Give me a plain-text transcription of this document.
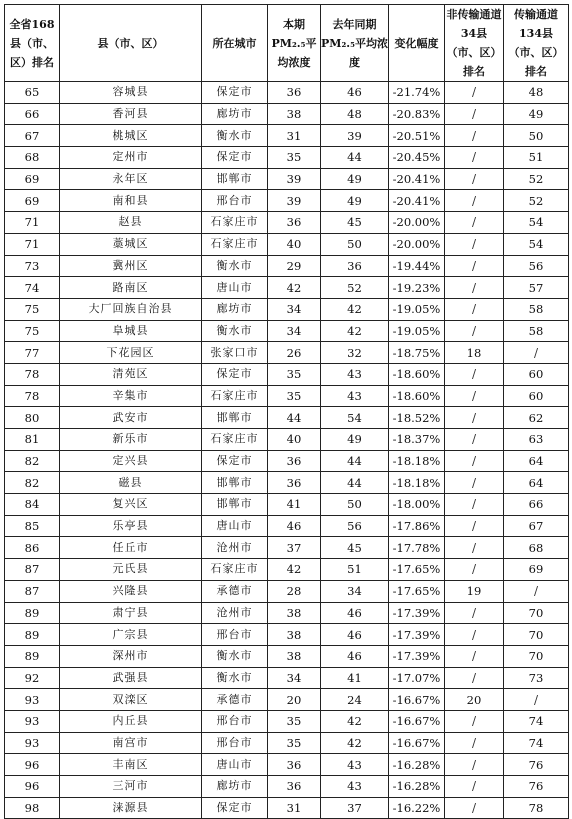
全省168县（市、区）排名	县（市、区）	所在城市	本期PM₂.₅平均浓度	去年同期PM₂.₅平均浓度	变化幅度	非传输通道34县（市、区）排名	传输通道134县（市、区）排名
65	容城县	保定市	36	46	-21.74%	/	48
66	香河县	廊坊市	38	48	-20.83%	/	49
67	桃城区	衡水市	31	39	-20.51%	/	50
68	定州市	保定市	35	44	-20.45%	/	51
69	永年区	邯郸市	39	49	-20.41%	/	52
69	南和县	邢台市	39	49	-20.41%	/	52
71	赵县	石家庄市	36	45	-20.00%	/	54
71	藁城区	石家庄市	40	50	-20.00%	/	54
73	冀州区	衡水市	29	36	-19.44%	/	56
74	路南区	唐山市	42	52	-19.23%	/	57
75	大厂回族自治县	廊坊市	34	42	-19.05%	/	58
75	阜城县	衡水市	34	42	-19.05%	/	58
77	下花园区	张家口市	26	32	-18.75%	18	/
78	清苑区	保定市	35	43	-18.60%	/	60
78	辛集市	石家庄市	35	43	-18.60%	/	60
80	武安市	邯郸市	44	54	-18.52%	/	62
81	新乐市	石家庄市	40	49	-18.37%	/	63
82	定兴县	保定市	36	44	-18.18%	/	64
82	磁县	邯郸市	36	44	-18.18%	/	64
84	复兴区	邯郸市	41	50	-18.00%	/	66
85	乐亭县	唐山市	46	56	-17.86%	/	67
86	任丘市	沧州市	37	45	-17.78%	/	68
87	元氏县	石家庄市	42	51	-17.65%	/	69
87	兴隆县	承德市	28	34	-17.65%	19	/
89	肃宁县	沧州市	38	46	-17.39%	/	70
89	广宗县	邢台市	38	46	-17.39%	/	70
89	深州市	衡水市	38	46	-17.39%	/	70
92	武强县	衡水市	34	41	-17.07%	/	73
93	双滦区	承德市	20	24	-16.67%	20	/
93	内丘县	邢台市	35	42	-16.67%	/	74
93	南宫市	邢台市	35	42	-16.67%	/	74
96	丰南区	唐山市	36	43	-16.28%	/	76
96	三河市	廊坊市	36	43	-16.28%	/	76
98	涞源县	保定市	31	37	-16.22%	/	78
